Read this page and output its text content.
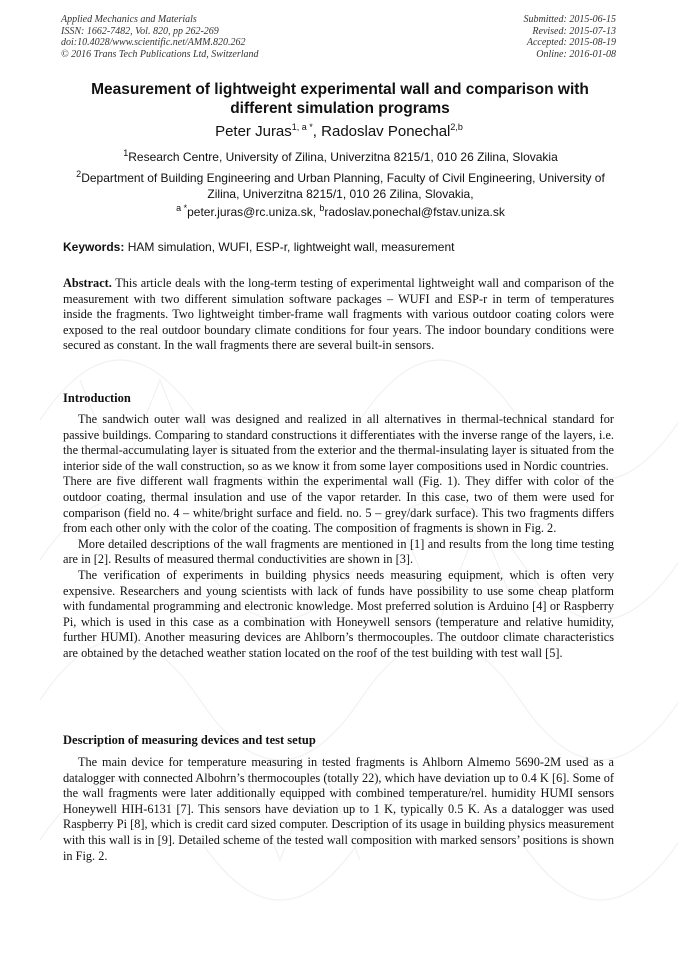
Applied Mechanics and Materials
ISSN: 1662-7482, Vol. 820, pp 262-269
doi:10.4028/www.scientific.net/AMM.820.262
© 2016 Trans Tech Publications Ltd, Switzerland
Submitted: 2015-06-15
Revised: 2015-07-13
Accepted: 2015-08-19
Online: 2016-01-08
Measurement of lightweight experimental wall and comparison with different simulation programs
Peter Juras$^{1, a *}$, Radoslav Ponechal$^{2,b}$
$^1$Research Centre, University of Zilina, Univerzitna 8215/1, 010 26 Zilina, Slovakia
$^2$Department of Building Engineering and Urban Planning, Faculty of Civil Engineering, University of Zilina, Univerzitna 8215/1, 010 26 Zilina, Slovakia,
$^{a *}$peter.juras@rc.uniza.sk, $^b$radoslav.ponechal@fstav.uniza.sk
Keywords: HAM simulation, WUFI, ESP-r, lightweight wall, measurement

Abstract. This article deals with the long-term testing of experimental lightweight wall and comparison of the measurement with two different simulation software packages – WUFI and ESP-r in term of temperatures inside the fragments. Two lightweight timber-frame wall fragments with various outdoor coating colors were exposed to the real outdoor boundary climate conditions for four years. The indoor boundary conditions were secured as constant. In the wall fragments there are several built-in sensors.

Introduction

The sandwich outer wall was designed and realized in all alternatives in thermal-technical standard for passive buildings. Comparing to standard constructions it differentiates with the inverse range of the layers, i.e. the thermal-accumulating layer is situated from the exterior and the thermal-insulating layer is situated from the interior side of the wall construction, so as we know it from some layer compositions used in Nordic countries.

There are five different wall fragments within the experimental wall (Fig. 1). They differ with color of the outdoor coating, thermal insulation and use of the vapor retarder. In this case, two of them were used for comparison (field no. 4 – white/bright surface and field. no. 5 – grey/dark surface). This two fragments differs from each other only with the color of the coating. The composition of fragments is shown in Fig. 2.

More detailed descriptions of the wall fragments are mentioned in [1] and results from the long time testing are in [2]. Results of measured thermal conductivities are shown in [3].

The verification of experiments in building physics needs measuring equipment, which is often very expensive. Researchers and young scientists with lack of funds have possibility to use some cheap platform with fundamental programming and electronic knowledge. Most preferred solution is Arduino [4] or Raspberry Pi, which is used in this case as a combination with Honeywell sensors (temperature and relative humidity, further HUMI). Another measuring devices are Ahlborn’s thermocouples. The outdoor climate characteristics are obtained by the detached weather station located on the roof of the test building with test wall [5].

Description of measuring devices and test setup

The main device for temperature measuring in tested fragments is Ahlborn Almemo 5690-2M used as a datalogger with connected Albohrn’s thermocouples (totally 22), which have deviation up to 0.4 K [6]. Some of the wall fragments were later additionally equipped with combined temperature/rel. humidity HUMI sensors Honeywell HIH-6131 [7]. This sensors have deviation up to 1 K, typically 0.5 K. As a datalogger was used Raspberry Pi [8], which is credit card sized computer. Description of its usage in building physics measurement with this wall is in [9]. Detailed scheme of the tested wall composition with marked sensors’ positions is shown in Fig. 2.
